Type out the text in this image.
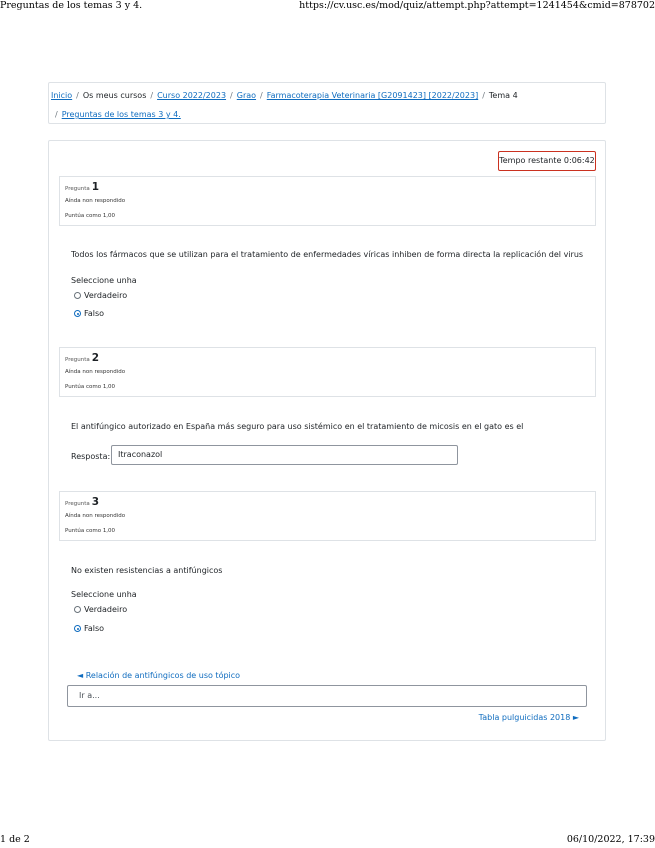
Preguntas de los temas 3 y 4.	https://cv.usc.es/mod/quiz/attempt.php?attempt=1241454&cmid=878702
Inicio / Os meus cursos / Curso 2022/2023 / Grao / Farmacoterapia Veterinaria [G2091423] [2022/2023] / Tema 4
/ Preguntas de los temas 3 y 4.
Tempo restante 0:06:42
Pregunta 1
Aínda non respondido
Puntúa como 1,00
Todos los fármacos que se utilizan para el tratamiento de enfermedades víricas inhiben de forma directa la replicación del virus
Seleccione unha
Verdadeiro
Falso
Pregunta 2
Aínda non respondido
Puntúa como 1,00
El antifúngico autorizado en España más seguro para uso sistémico en el tratamiento de micosis en el gato es el
Resposta: Itraconazol
Pregunta 3
Aínda non respondido
Puntúa como 1,00
No existen resistencias a antifúngicos
Seleccione unha
Verdadeiro
Falso
◄ Relación de antifúngicos de uso tópico
Ir a...
Tabla pulguicidas 2018 ►
1 de 2	06/10/2022, 17:39
